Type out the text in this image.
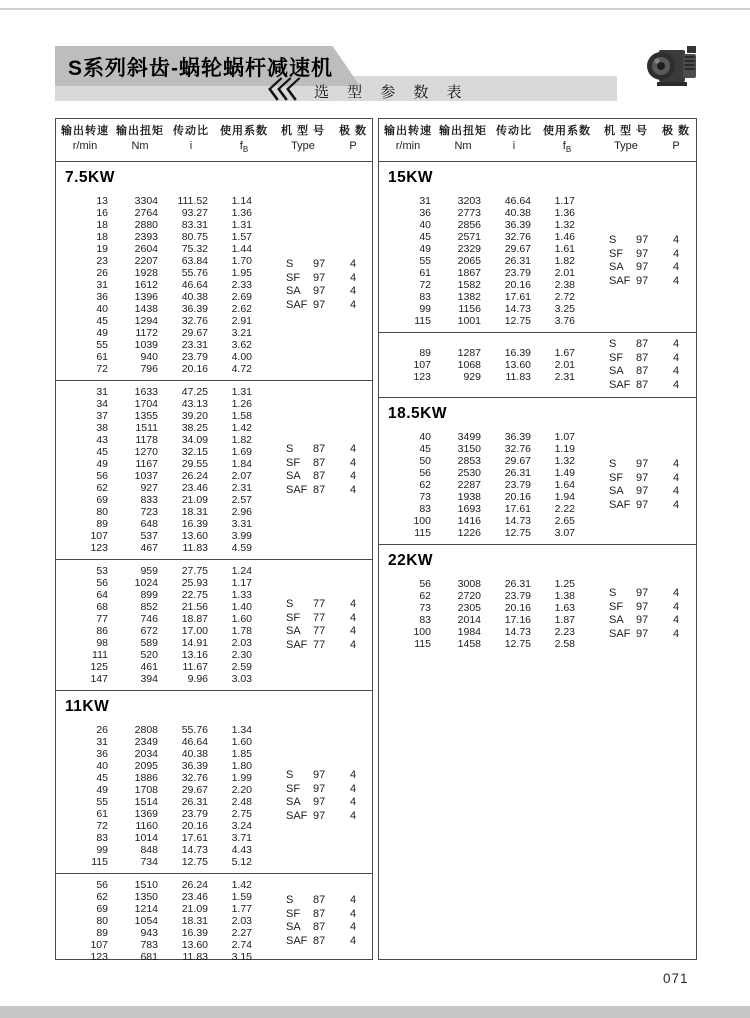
S系列斜齿-蜗轮蜗杆减速机
选 型 参 数 表
输出转速 输出扭矩 传动比	使用系数	机 型 号	极 数
r/min	Nm	i	$f_B$	Type	P
7.5KW
13	3304	111.52	1.14
16	2764	93.27	1.36
18	2880	83.31	1.31
18	2393	80.75	1.57
19	2604	75.32	1.44
23	2207	63.84	1.70
26	1928	55.76	1.95
31	1612	46.64	2.33
36	1396	40.38	2.69
40	1438	36.39	2.62
45	1294	32.76	2.91
49	1172	29.67	3.21
55	1039	23.31	3.62
61	940	23.79	4.00
72	796	20.16	4.72
S 97	4
SF 97	4
SA 97	4
SAF 97	4
31	1633	47.25	1.31
34	1704	43.13	1.26
37	1355	39.20	1.58
38	1511	38.25	1.42
43	1178	34.09	1.82
45	1270	32.15	1.69
49	1167	29.55	1.84
56	1037	26.24	2.07
62	927	23.46	2.31
69	833	21.09	2.57
80	723	18.31	2.96
89	648	16.39	3.31
107	537	13.60	3.99
123	467	11.83	4.59
S 87	4
SF 87	4
SA 87	4
SAF 87	4
53	959	27.75	1.24
56	1024	25.93	1.17
64	899	22.75	1.33
68	852	21.56	1.40
77	746	18.87	1.60
86	672	17.00	1.78
98	589	14.91	2.03
111	520	13.16	2.30
125	461	11.67	2.59
147	394	9.96	3.03
S 77	4
SF 77	4
SA 77	4
SAF 77	4
11KW
26	2808	55.76	1.34
31	2349	46.64	1.60
36	2034	40.38	1.85
40	2095	36.39	1.80
45	1886	32.76	1.99
49	1708	29.67	2.20
55	1514	26.31	2.48
61	1369	23.79	2.75
72	1160	20.16	3.24
83	1014	17.61	3.71
99	848	14.73	4.43
115	734	12.75	5.12
S 97	4
SF 97	4
SA 97	4
SAF 97	4
56	1510	26.24	1.42
62	1350	23.46	1.59
69	1214	21.09	1.77
80	1054	18.31	2.03
89	943	16.39	2.27
107	783	13.60	2.74
123	681	11.83	3.15
S 87	4
SF 87	4
SA 87	4
SAF 87	4
输出转速 输出扭矩 传动比	使用系数	机 型 号	极 数
r/min	Nm	i	$f_B$	Type	P
15KW
31	3203	46.64	1.17
36	2773	40.38	1.36
40	2856	36.39	1.32
45	2571	32.76	1.46
49	2329	29.67	1.61
55	2065	26.31	1.82
61	1867	23.79	2.01
72	1582	20.16	2.38
83	1382	17.61	2.72
99	1156	14.73	3.25
115	1001	12.75	3.76
S 97	4
SF 97	4
SA 97	4
SAF 97	4
89	1287	16.39	1.67
107	1068	13.60	2.01
123	929	11.83	2.31
S 87	4
SF 87	4
SA 87	4
SAF 87	4
18.5KW
40	3499	36.39	1.07
45	3150	32.76	1.19
50	2853	29.67	1.32
56	2530	26.31	1.49
62	2287	23.79	1.64
73	1938	20.16	1.94
83	1693	17.61	2.22
100	1416	14.73	2.65
115	1226	12.75	3.07
S 97	4
SF 97	4
SA 97	4
SAF 97	4
22KW
56	3008	26.31	1.25
62	2720	23.79	1.38
73	2305	20.16	1.63
83	2014	17.16	1.87
100	1984	14.73	2.23
115	1458	12.75	2.58
S 97	4
SF 97	4
SA 97	4
SAF 97	4
071
